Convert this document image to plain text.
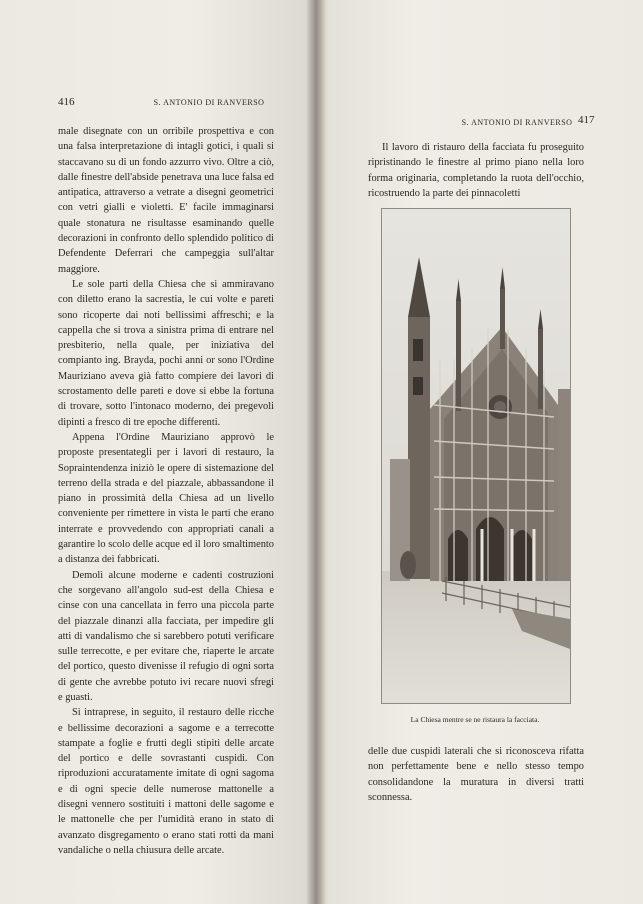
416	S. ANTONIO DI RANVERSO

male disegnate con un orribile prospettiva e con una falsa interpretazione di intagli gotici, i quali si staccavano su di un fondo azzurro vivo. Oltre a ciò, dalle finestre dell'abside penetrava una luce falsa ed antipatica, attraverso a vetrate a disegni geometrici con vetri gialli e violetti. E' facile immaginarsi quale stonatura ne risultasse esaminando quelle decorazioni in confronto dello splendido politico di Defendente Deferrari che campeggia sull'altar maggiore.

Le sole parti della Chiesa che si ammiravano con diletto erano la sacrestia, le cui volte e pareti sono ricoperte dai noti bellissimi affreschi; e la cappella che si trova a sinistra prima di entrare nel presbiterio, nella quale, per iniziativa del compianto ing. Brayda, pochi anni or sono l'Ordine Mauriziano aveva già fatto compiere dei lavori di scrostamento delle pareti e dove si ebbe la fortuna di trovare, sotto l'intonaco moderno, dei pregevoli dipinti a fresco di tre epoche differenti.

Appena l'Ordine Mauriziano approvò le proposte presentategli per i lavori di restauro, la Sopraintendenza iniziò le opere di sistemazione del terreno della strada e del piazzale, abbassandone il piano in prossimità della Chiesa ad un livello conveniente per rimettere in vista le parti che erano interrate e provvedendo con appropriati canali a garantire lo scolo delle acque ed il loro smaltimento a distanza dei fabbricati.

Demolì alcune moderne e cadenti costruzioni che sorgevano all'angolo sud-est della Chiesa e cinse con una cancellata in ferro una piccola parte del piazzale dinanzi alla facciata, per impedire gli atti di vandalismo che si sarebbero potuti verificare sulle terrecotte, e per evitare che, riaperte le arcate del portico, questo divenisse il refugio di ogni sorta di gente che avrebbe potuto ivi recare nuovi sfregi e guasti.

Si intraprese, in seguito, il restauro delle ricche e bellissime decorazioni a sagome e a terrecotte stampate a foglie e frutti degli stipiti delle arcate del portico e delle sovrastanti cuspidi. Con riproduzioni accuratamente imitate di ogni sagoma e di ogni specie delle numerose mattonelle a disegni vennero sostituiti i mattoni delle sagome e le mattonelle che per l'umidità erano in stato di avanzato disgregamento o erano stati rotti da mani vandaliche o nella chiusura delle arcate.

S. ANTONIO DI RANVERSO 417

Il lavoro di ristauro della facciata fu proseguito ripristinando le finestre al primo piano nella loro forma originaria, completando la ruota dell'occhio, ricostruendo la parte dei pinnacoletti

La Chiesa mentre se ne ristaura la facciata.

delle due cuspidi laterali che si riconosceva rifatta non perfettamente bene e nello stesso tempo consolidandone la muratura in diversi tratti sconnessa.
